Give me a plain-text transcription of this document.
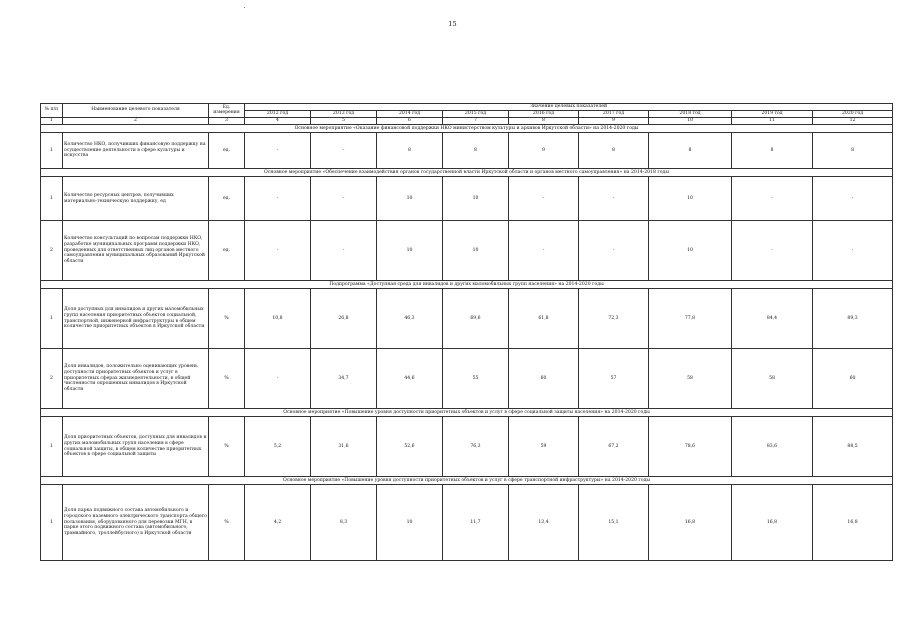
15
№ п/п	Наименование целевого показателя	Ед. измерения	Значение целевых показателей								
			2012 год	2013 год	2014 год	2015 год	2016 год	2017 год	2018 год	2019 год	2020 год
1	2	3	4	5	6	7	8	9	10	11	12
Основное мероприятие «Оказание финансовой поддержки НКО министерством культуры и архивов Иркутской области» на 2014-2020 годы											
1	Количество НКО, получивших финансовую поддержку на осуществление деятельности в сфере культуры и искусства	ед.	-	-	8	8	9	8	8	8	8
Основное мероприятие «Обеспечение взаимодействия органов государственной власти Иркутской области и органов местного самоуправления» на 2014-2018 годы											
1	Количество ресурсных центров, получивших материально-техническую поддержку, ед	ед.	-	-	10	10	-	-	10	-	-
2	Количество консультаций по вопросам поддержки НКО, разработке муниципальных программ поддержки НКО, проведенных для ответственных лиц органов местного самоуправления муниципальных образований Иркутской области	ед.	-	-	10	10	-	-	10	-	-
Подпрограмма «Доступная среда для инвалидов и других маломобильных групп населения» на 2014-2020 годы											
1	Доля доступных для инвалидов и других маломобильных групп населения приоритетных объектов социальной, транспортной, инженерной инфраструктуры в общем количестве приоритетных объектов в Иркутской области	%	10,8	26,8	46,3	69,6	61,8	72,3	77,8	84,4	89,3
2	Доля инвалидов, положительно оценивающих уровень доступности приоритетных объектов и услуг в приоритетных сферах жизнедеятельности, в общей численности опрошенных инвалидов в Иркутской области	%	-	34,7	44,6	55	60	57	58	58	60
Основное мероприятие «Повышение уровня доступности приоритетных объектов и услуг в сфере социальной защиты населения» на 2014-2020 годы											
1	Доля приоритетных объектов, доступных для инвалидов и других маломобильных групп населения в сфере социальной защиты, в общем количестве приоритетных объектов в сфере социальной защиты	%	5,2	31,6	52,6	76,3	59	67,2	78,6	83,6	88,5
Основное мероприятие «Повышение уровня доступности приоритетных объектов и услуг в сфере транспортной инфраструктуры» на 2014-2020 годы											
1	Доля парка подвижного состава автомобильного и городского наземного электрического транспорта общего пользования, оборудованного для перевозки МГН, в парке этого подвижного состава (автомобильного, трамвайного, троллейбусного) в Иркутской области	%	4,2	8,3	10	11,7	13,4	15,1	16,8	16,8	16,8
